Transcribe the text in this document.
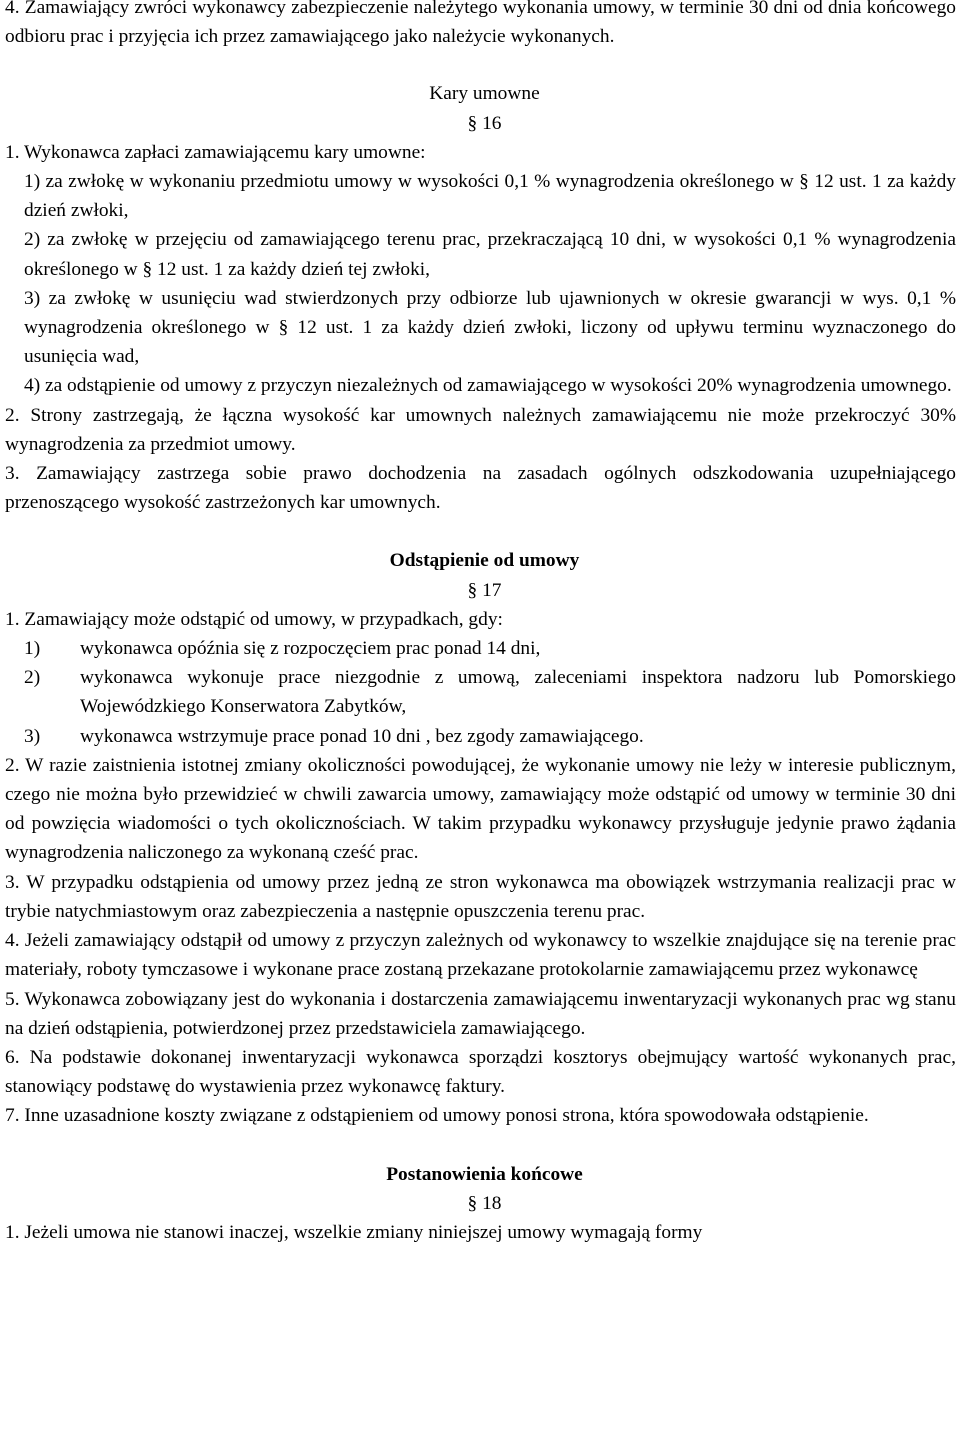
4. Zamawiający zwróci wykonawcy zabezpieczenie należytego wykonania umowy, w terminie 30 dni od dnia końcowego odbioru prac i przyjęcia ich przez zamawiającego jako należycie wykonanych.

Kary umowne

§ 16

1. Wykonawca zapłaci zamawiającemu kary umowne:

1) za zwłokę w wykonaniu przedmiotu umowy w wysokości 0,1 % wynagrodzenia określonego w § 12 ust. 1 za każdy dzień zwłoki,

2) za zwłokę w przejęciu od zamawiającego terenu prac, przekraczającą 10 dni, w wysokości 0,1 % wynagrodzenia określonego w § 12 ust. 1 za każdy dzień tej zwłoki,

3) za zwłokę w usunięciu wad stwierdzonych przy odbiorze lub ujawnionych w okresie gwarancji w wys. 0,1 % wynagrodzenia określonego w § 12 ust. 1 za każdy dzień zwłoki, liczony od upływu terminu wyznaczonego do usunięcia wad,

4) za odstąpienie od umowy z przyczyn niezależnych od zamawiającego w wysokości 20% wynagrodzenia umownego.

2. Strony zastrzegają, że łączna wysokość kar umownych należnych zamawiającemu nie może przekroczyć 30% wynagrodzenia za przedmiot umowy.

3. Zamawiający zastrzega sobie prawo dochodzenia na zasadach ogólnych odszkodowania uzupełniającego przenoszącego wysokość zastrzeżonych kar umownych.

Odstąpienie od umowy

§ 17

1. Zamawiający może odstąpić od umowy, w przypadkach, gdy:

1)	wykonawca opóźnia się z rozpoczęciem prac ponad 14 dni,
2)	wykonawca wykonuje prace niezgodnie z umową, zaleceniami inspektora nadzoru lub Pomorskiego Wojewódzkiego Konserwatora Zabytków,
3)	wykonawca wstrzymuje prace ponad 10 dni , bez zgody zamawiającego.

2. W razie zaistnienia istotnej zmiany okoliczności powodującej, że wykonanie umowy nie leży w interesie publicznym, czego nie można było przewidzieć w chwili zawarcia umowy, zamawiający może odstąpić od umowy w terminie 30 dni od powzięcia wiadomości o tych okolicznościach. W takim przypadku wykonawcy przysługuje jedynie prawo żądania wynagrodzenia naliczonego za wykonaną cześć prac.

3. W przypadku odstąpienia od umowy przez jedną ze stron wykonawca ma obowiązek wstrzymania realizacji prac w trybie natychmiastowym oraz zabezpieczenia a następnie opuszczenia terenu prac.

4. Jeżeli zamawiający odstąpił od umowy z przyczyn zależnych od wykonawcy to wszelkie znajdujące się na terenie prac materiały, roboty tymczasowe i wykonane prace zostaną przekazane protokolarnie zamawiającemu przez wykonawcę

5. Wykonawca zobowiązany jest do wykonania i dostarczenia zamawiającemu inwentaryzacji wykonanych prac wg stanu na dzień odstąpienia, potwierdzonej przez przedstawiciela zamawiającego.

6. Na podstawie dokonanej inwentaryzacji wykonawca sporządzi kosztorys obejmujący wartość wykonanych prac, stanowiący podstawę do wystawienia przez wykonawcę faktury.

7. Inne uzasadnione koszty związane z odstąpieniem od umowy ponosi strona, która spowodowała odstąpienie.

Postanowienia końcowe

§ 18

1. Jeżeli umowa nie stanowi inaczej, wszelkie zmiany niniejszej umowy wymagają formy
